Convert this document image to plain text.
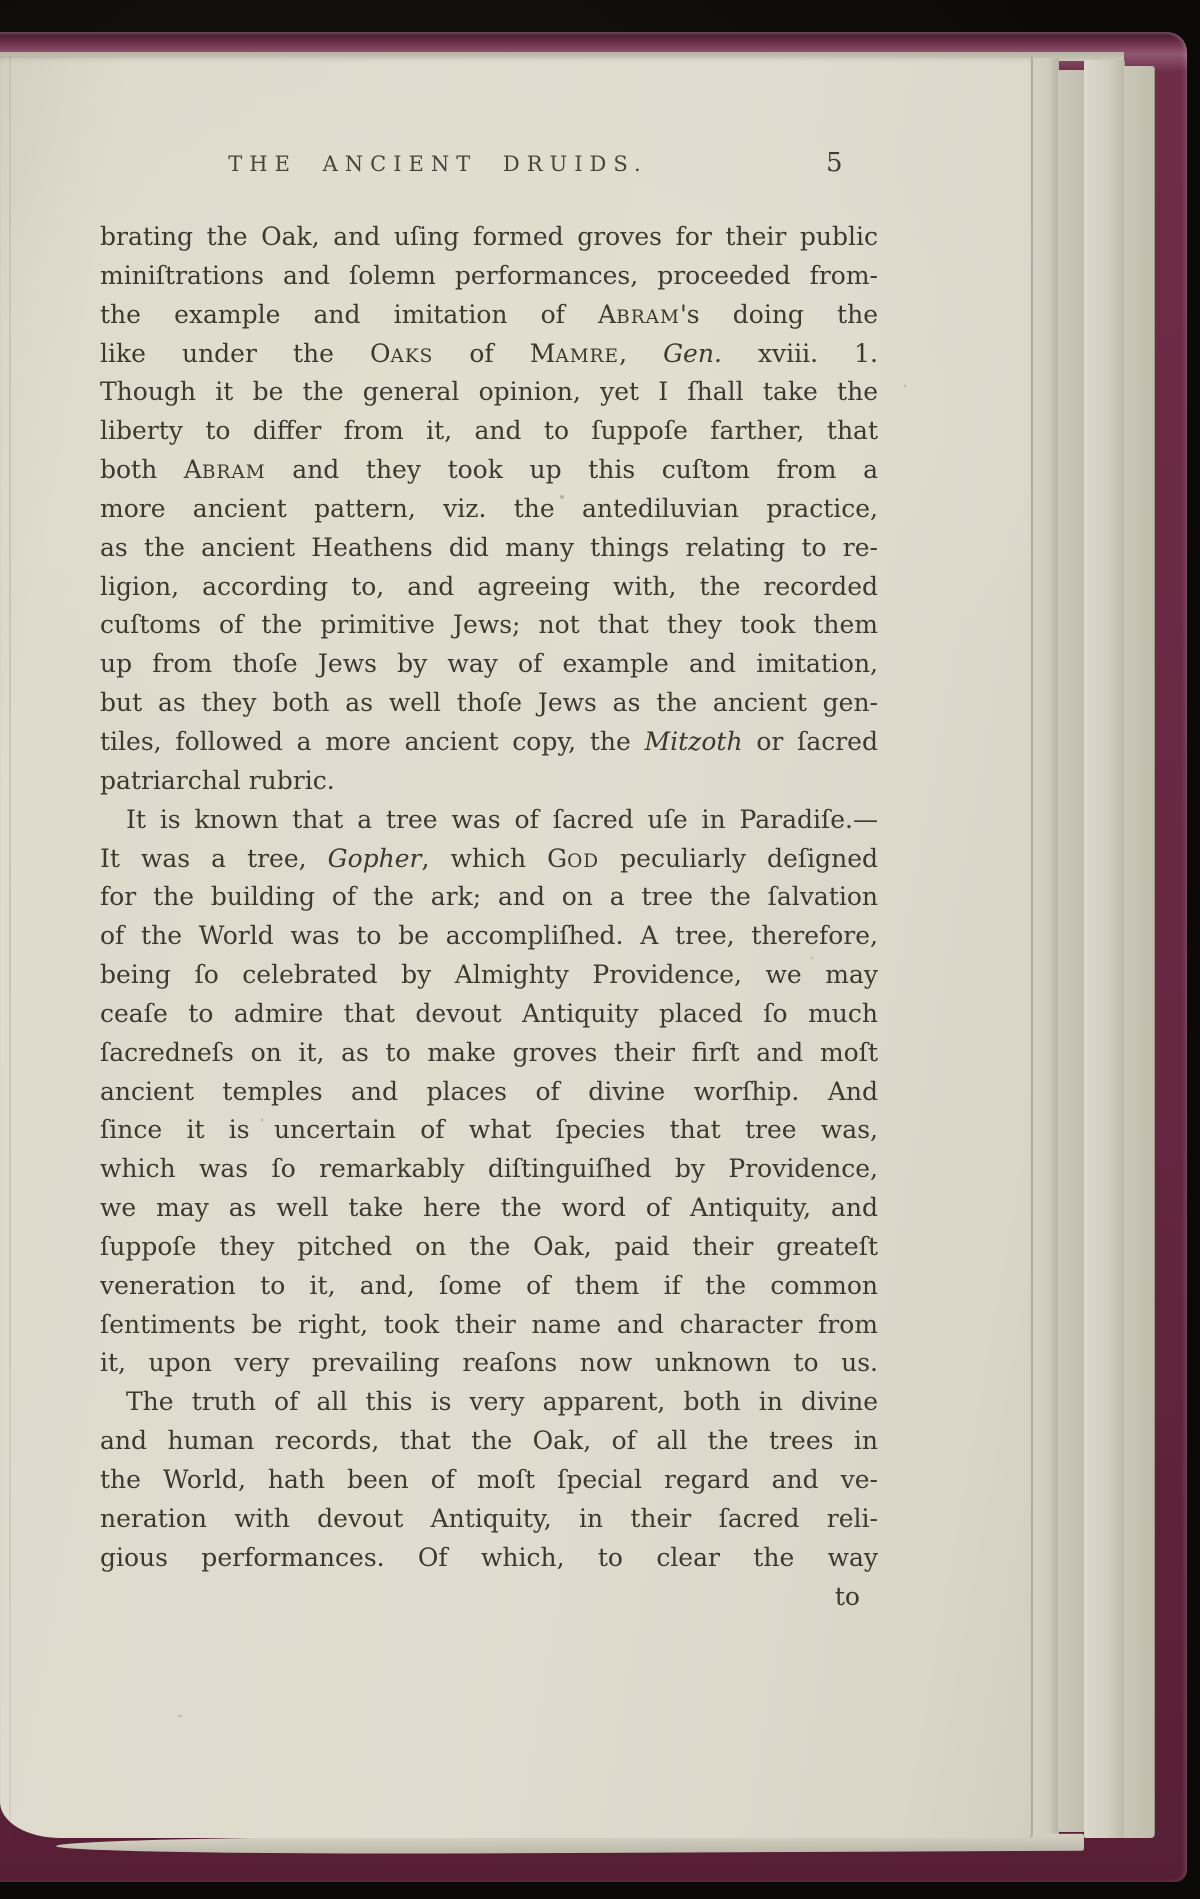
THE ANCIENT DRUIDS.	5
brating the Oak, and uſing formed groves for their public
miniſtrations and ſolemn performances, proceeded from-
the example and imitation of ABRAM's doing the
like under the OAKS of MAMRE, Gen. xviii. 1.
Though it be the general opinion, yet I ſhall take the
liberty to differ from it, and to ſuppoſe farther, that
both ABRAM and they took up this cuſtom from a
more ancient pattern, viz. the antediluvian practice,
as the ancient Heathens did many things relating to re-
ligion, according to, and agreeing with, the recorded
cuſtoms of the primitive Jews; not that they took them
up from thoſe Jews by way of example and imitation,
but as they both as well thoſe Jews as the ancient gen-
tiles, followed a more ancient copy, the Mitzoth or ſacred
patriarchal rubric.
It is known that a tree was of ſacred uſe in Paradiſe.—
It was a tree, Gopher, which GOD peculiarly deſigned
for the building of the ark; and on a tree the ſalvation
of the World was to be accompliſhed. A tree, therefore,
being ſo celebrated by Almighty Providence, we may
ceaſe to admire that devout Antiquity placed ſo much
ſacredneſs on it, as to make groves their firſt and moſt
ancient temples and places of divine worſhip. And
ſince it is uncertain of what ſpecies that tree was,
which was ſo remarkably diſtinguiſhed by Providence,
we may as well take here the word of Antiquity, and
ſuppoſe they pitched on the Oak, paid their greateſt
veneration to it, and, ſome of them if the common
ſentiments be right, took their name and character from
it, upon very prevailing reaſons now unknown to us.
The truth of all this is very apparent, both in divine
and human records, that the Oak, of all the trees in
the World, hath been of moſt ſpecial regard and ve-
neration with devout Antiquity, in their ſacred reli-
gious performances. Of which, to clear the way
to
